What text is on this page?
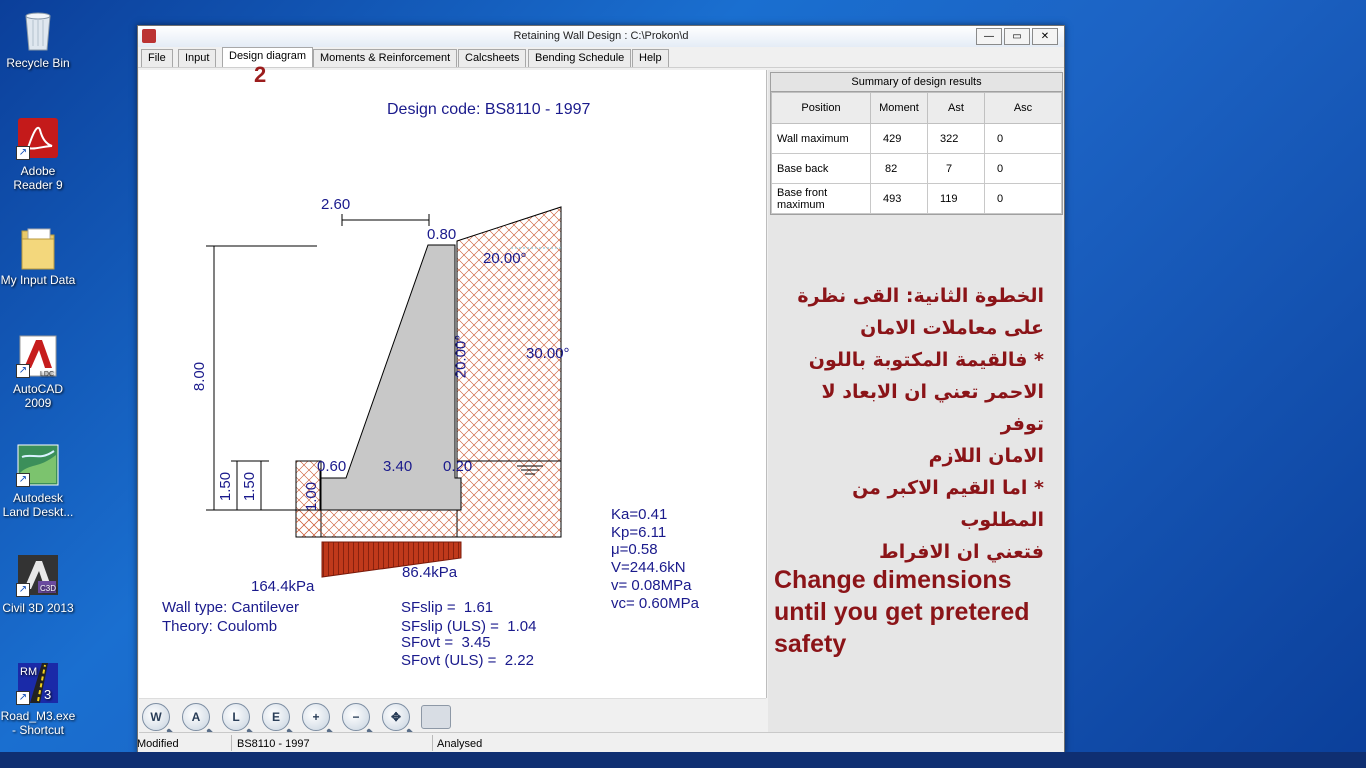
Recycle Bin
↗
Adobe Reader 9
My Input Data
LDC
↗
AutoCAD 2009
↗
Autodesk Land Deskt...
C3D
↗
Civil 3D 2013
RM
3
↗
Road_M3.exe - Shortcut
Retaining Wall Design : C:\Prokon\d	—	▭	✕
File	Input	Design diagram	Moments & Reinforcement	Calcsheets	Bending Schedule	Help
Design code: BS8110 - 1997
2.60
0.80
20.00°
8.00	20.00°	30.00°
0.60 3.40 0.20
1.50 1.50	1.00
164.4kPa
86.4kPa
Wall type: Cantilever
Theory: Coulomb
SFslip =  1.61
SFslip (ULS) =  1.04
SFovt =  3.45
SFovt (ULS) =  2.22
Ka=0.41
Kp=6.11
μ=0.58
V=244.6kN
v= 0.08MPa
vc= 0.60MPa
2
W	A	L	E	+	−	✥
Summary of design results
Position	Moment	Ast	Asc
Wall maximum	429	322	0
Base back	82	7	0
Base front maximum	493	119	0
الخطوة الثانية: القى نظرة
على معاملات الامان
* فالقيمة المكتوبة باللون
الاحمر تعني ان الابعاد لا توفر
الامان اللازم
* اما القيم الاكبر من المطلوب
فتعني ان الافراط
Change dimensions until you get pretered safety
Modified	BS8110 - 1997	Analysed
